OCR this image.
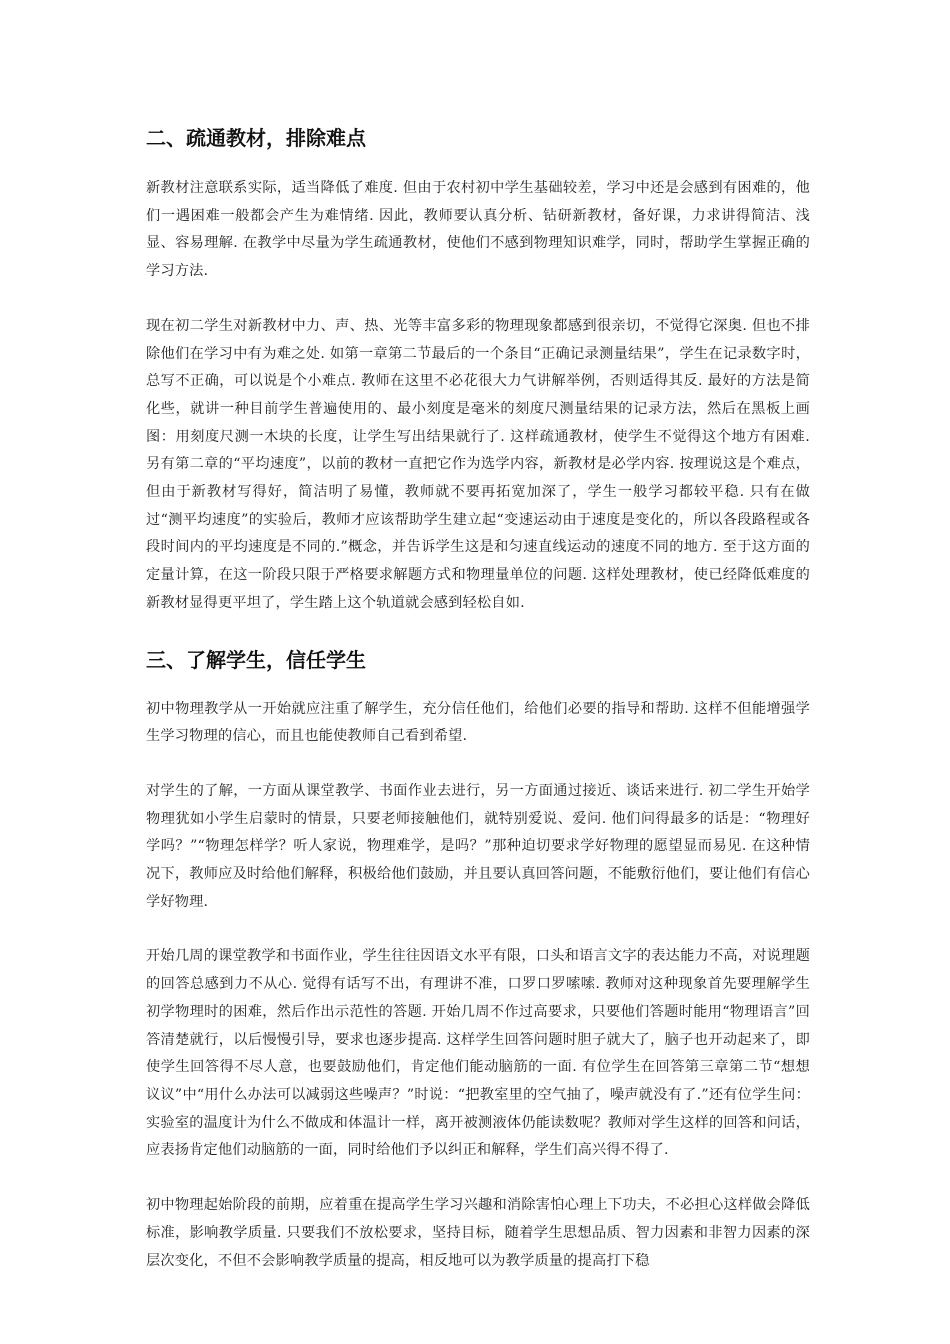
二、疏通教材，排除难点

新教材注意联系实际，适当降低了难度. 但由于农村初中学生基础较差，学习中还是会感到有困难的，他们一遇困难一般都会产生为难情绪. 因此，教师要认真分析、钻研新教材，备好课，力求讲得简洁、浅显、容易理解. 在教学中尽量为学生疏通教材，使他们不感到物理知识难学，同时，帮助学生掌握正确的学习方法.

现在初二学生对新教材中力、声、热、光等丰富多彩的物理现象都感到很亲切，不觉得它深奥. 但也不排除他们在学习中有为难之处. 如第一章第二节最后的一个条目“正确记录测量结果”，学生在记录数字时，总写不正确，可以说是个小难点. 教师在这里不必花很大力气讲解举例，否则适得其反. 最好的方法是简化些，就讲一种目前学生普遍使用的、最小刻度是毫米的刻度尺测量结果的记录方法，然后在黑板上画图：用刻度尺测一木块的长度，让学生写出结果就行了. 这样疏通教材，使学生不觉得这个地方有困难. 另有第二章的“平均速度”，以前的教材一直把它作为选学内容，新教材是必学内容. 按理说这是个难点，但由于新教材写得好，简洁明了易懂，教师就不要再拓宽加深了，学生一般学习都较平稳. 只有在做过“测平均速度”的实验后，教师才应该帮助学生建立起“变速运动由于速度是变化的，所以各段路程或各段时间内的平均速度是不同的.”概念，并告诉学生这是和匀速直线运动的速度不同的地方. 至于这方面的定量计算，在这一阶段只限于严格要求解题方式和物理量单位的问题. 这样处理教材，使已经降低难度的新教材显得更平坦了，学生踏上这个轨道就会感到轻松自如.

三、了解学生，信任学生

初中物理教学从一开始就应注重了解学生，充分信任他们，给他们必要的指导和帮助. 这样不但能增强学生学习物理的信心，而且也能使教师自己看到希望.

对学生的了解，一方面从课堂教学、书面作业去进行，另一方面通过接近、谈话来进行. 初二学生开始学物理犹如小学生启蒙时的情景，只要老师接触他们，就特别爱说、爱问. 他们问得最多的话是：“物理好学吗？”“物理怎样学？听人家说，物理难学，是吗？”那种迫切要求学好物理的愿望显而易见. 在这种情况下，教师应及时给他们解释，积极给他们鼓励，并且要认真回答问题，不能敷衍他们，要让他们有信心学好物理.

开始几周的课堂教学和书面作业，学生往往因语文水平有限，口头和语言文字的表达能力不高，对说理题的回答总感到力不从心. 觉得有话写不出，有理讲不准，口罗口罗嗦嗦. 教师对这种现象首先要理解学生初学物理时的困难，然后作出示范性的答题. 开始几周不作过高要求，只要他们答题时能用“物理语言”回答清楚就行，以后慢慢引导，要求也逐步提高. 这样学生回答问题时胆子就大了，脑子也开动起来了，即使学生回答得不尽人意，也要鼓励他们，肯定他们能动脑筋的一面. 有位学生在回答第三章第二节“想想议议”中“用什么办法可以减弱这些噪声？”时说：“把教室里的空气抽了，噪声就没有了.”还有位学生问：实验室的温度计为什么不做成和体温计一样，离开被测液体仍能读数呢？教师对学生这样的回答和问话，应表扬肯定他们动脑筋的一面，同时给他们予以纠正和解释，学生们高兴得不得了.

初中物理起始阶段的前期，应着重在提高学生学习兴趣和消除害怕心理上下功夫，不必担心这样做会降低标准，影响教学质量. 只要我们不放松要求，坚持目标，随着学生思想品质、智力因素和非智力因素的深层次变化，不但不会影响教学质量的提高，相反地可以为教学质量的提高打下稳
